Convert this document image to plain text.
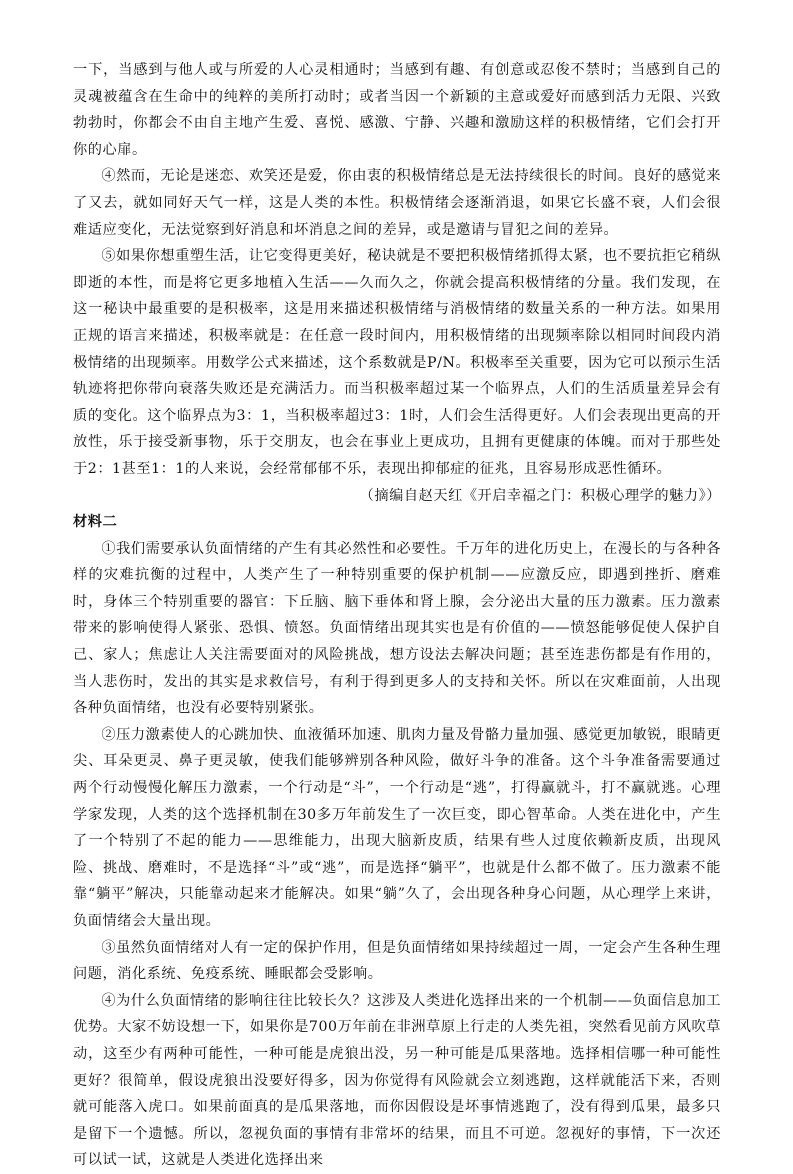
一下，当感到与他人或与所爱的人心灵相通时；当感到有趣、有创意或忍俊不禁时；当感到自己的灵魂被蕴含在生命中的纯粹的美所打动时；或者当因一个新颖的主意或爱好而感到活力无限、兴致勃勃时，你都会不由自主地产生爱、喜悦、感激、宁静、兴趣和激励这样的积极情绪，它们会打开你的心扉。

④然而，无论是迷恋、欢笑还是爱，你由衷的积极情绪总是无法持续很长的时间。良好的感觉来了又去，就如同好天气一样，这是人类的本性。积极情绪会逐渐消退，如果它长盛不衰，人们会很难适应变化，无法觉察到好消息和坏消息之间的差异，或是邀请与冒犯之间的差异。

⑤如果你想重塑生活，让它变得更美好，秘诀就是不要把积极情绪抓得太紧，也不要抗拒它稍纵即逝的本性，而是将它更多地植入生活——久而久之，你就会提高积极情绪的分量。我们发现，在这一秘诀中最重要的是积极率，这是用来描述积极情绪与消极情绪的数量关系的一种方法。如果用正规的语言来描述，积极率就是：在任意一段时间内，用积极情绪的出现频率除以相同时间段内消极情绪的出现频率。用数学公式来描述，这个系数就是P/N。积极率至关重要，因为它可以预示生活轨迹将把你带向衰落失败还是充满活力。而当积极率超过某一个临界点，人们的生活质量差异会有质的变化。这个临界点为3：1，当积极率超过3：1时，人们会生活得更好。人们会表现出更高的开放性，乐于接受新事物，乐于交朋友，也会在事业上更成功，且拥有更健康的体魄。而对于那些处于2：1甚至1：1的人来说，会经常郁郁不乐，表现出抑郁症的征兆，且容易形成恶性循环。

（摘编自赵天红《开启幸福之门：积极心理学的魅力》）

材料二

①我们需要承认负面情绪的产生有其必然性和必要性。千万年的进化历史上，在漫长的与各种各样的灾难抗衡的过程中，人类产生了一种特别重要的保护机制——应激反应，即遇到挫折、磨难时，身体三个特别重要的器官：下丘脑、脑下垂体和肾上腺，会分泌出大量的压力激素。压力激素带来的影响使得人紧张、恐惧、愤怒。负面情绪出现其实也是有价值的——愤怒能够促使人保护自己、家人；焦虑让人关注需要面对的风险挑战，想方设法去解决问题；甚至连悲伤都是有作用的，当人悲伤时，发出的其实是求救信号，有利于得到更多人的支持和关怀。所以在灾难面前，人出现各种负面情绪，也没有必要特别紧张。

②压力激素使人的心跳加快、血液循环加速、肌肉力量及骨骼力量加强、感觉更加敏锐，眼睛更尖、耳朵更灵、鼻子更灵敏，使我们能够辨别各种风险，做好斗争的准备。这个斗争准备需要通过两个行动慢慢化解压力激素，一个行动是“斗”，一个行动是“逃”，打得赢就斗，打不赢就逃。心理学家发现，人类的这个选择机制在30多万年前发生了一次巨变，即心智革命。人类在进化中，产生了一个特别了不起的能力——思维能力，出现大脑新皮质，结果有些人过度依赖新皮质，出现风险、挑战、磨难时，不是选择“斗”或“逃”，而是选择“躺平”，也就是什么都不做了。压力激素不能靠“躺平”解决，只能靠动起来才能解决。如果“躺”久了，会出现各种身心问题，从心理学上来讲，负面情绪会大量出现。

③虽然负面情绪对人有一定的保护作用，但是负面情绪如果持续超过一周，一定会产生各种生理问题，消化系统、免疫系统、睡眠都会受影响。

④为什么负面情绪的影响往往比较长久？这涉及人类进化选择出来的一个机制——负面信息加工优势。大家不妨设想一下，如果你是700万年前在非洲草原上行走的人类先祖，突然看见前方风吹草动，这至少有两种可能性，一种可能是虎狼出没，另一种可能是瓜果落地。选择相信哪一种可能性更好？很简单，假设虎狼出没要好得多，因为你觉得有风险就会立刻逃跑，这样就能活下来，否则就可能落入虎口。如果前面真的是瓜果落地，而你因假设是坏事情逃跑了，没有得到瓜果，最多只是留下一个遗憾。所以，忽视负面的事情有非常坏的结果，而且不可逆。忽视好的事情，下一次还可以试一试，这就是人类进化选择出来
